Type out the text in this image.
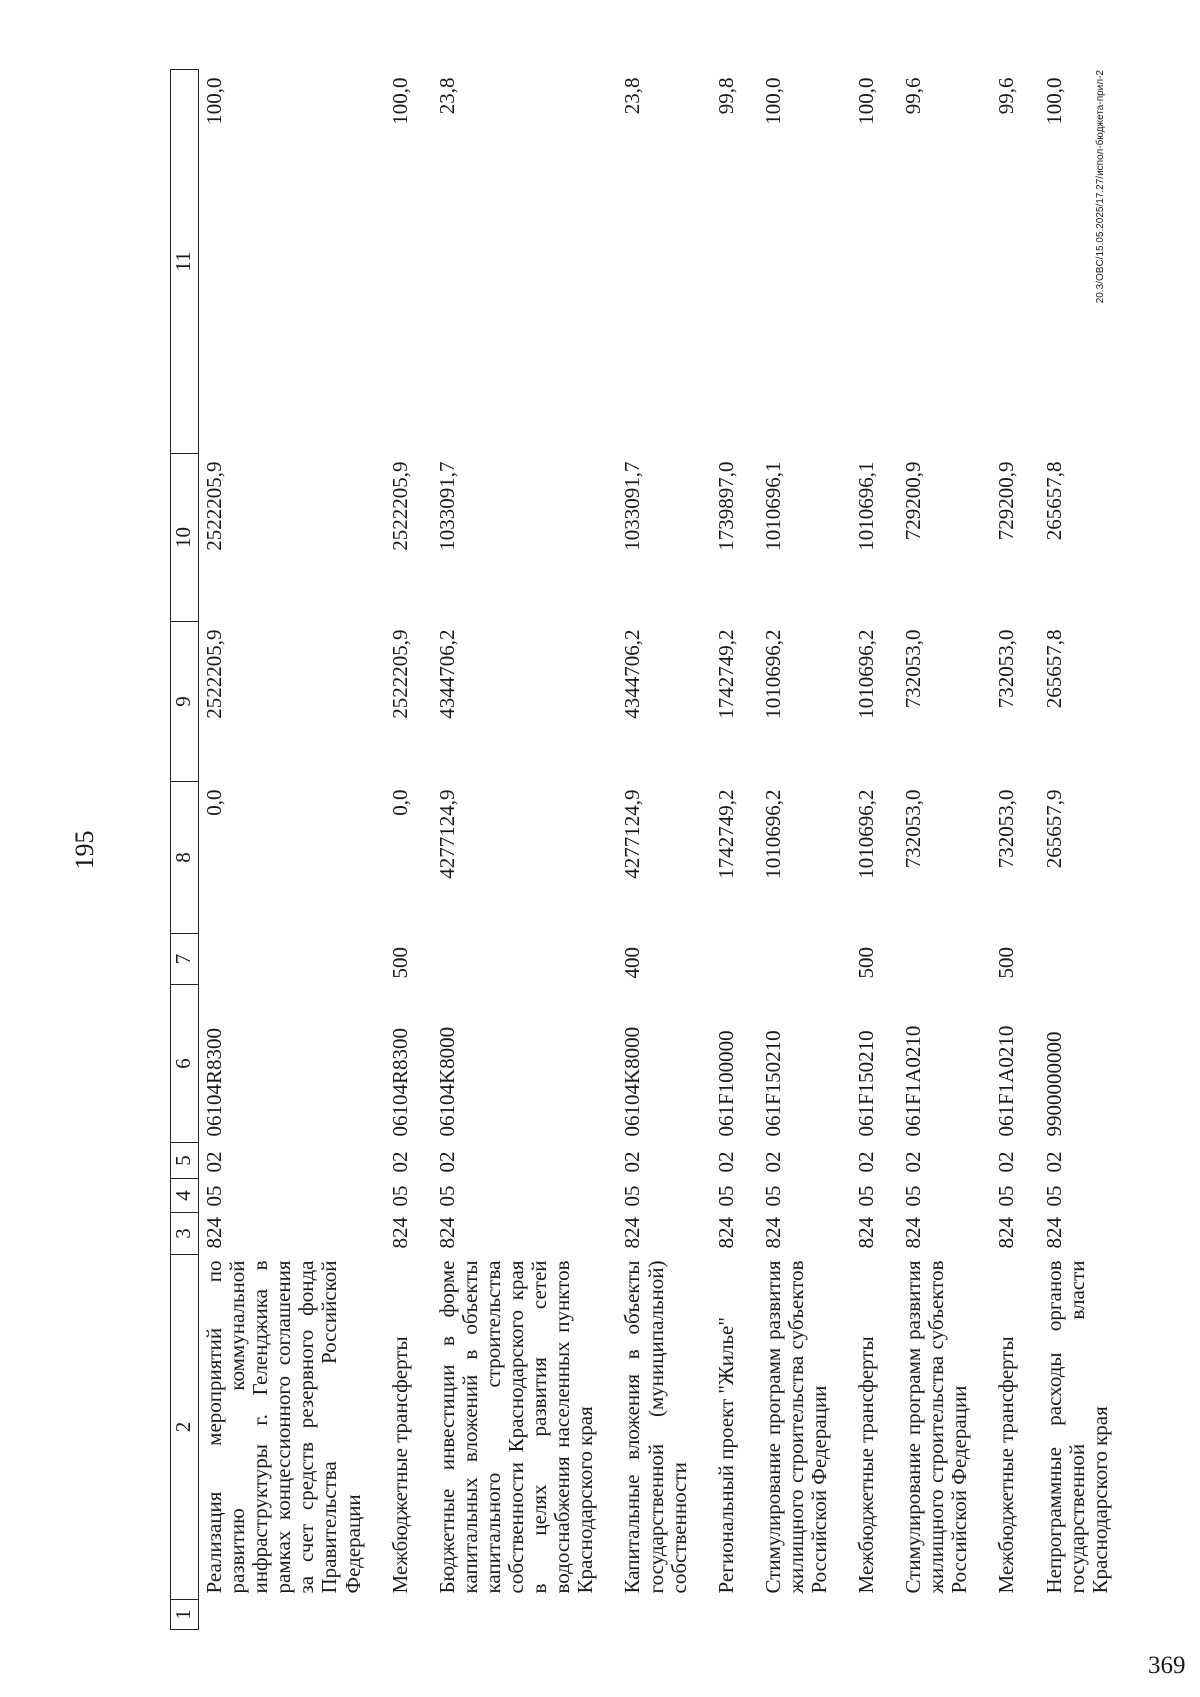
195
1	2	3	4	5	6	7	8	9	10	11
	Реализация мероприятий по развитию коммунальной инфраструктуры г. Геленджика в рамках концессионного соглашения за счет средств резервного фонда Правительства Российской Федерации	824	05	02	06104R8300		0,0	2522205,9	2522205,9	100,0
	Межбюджетные трансферты	824	05	02	06104R8300	500	0,0	2522205,9	2522205,9	100,0
	Бюджетные инвестиции в форме капитальных вложений в объекты капитального строительства собственности Краснодарского края в целях развития сетей водоснабжения населенных пунктов Краснодарского края	824	05	02	06104K8000		4277124,9	4344706,2	1033091,7	23,8
	Капитальные вложения в объекты государственной (муниципальной) собственности	824	05	02	06104K8000	400	4277124,9	4344706,2	1033091,7	23,8
	Региональный проект "Жилье"	824	05	02	061F100000		1742749,2	1742749,2	1739897,0	99,8
	Стимулирование программ развития жилищного строительства субъектов Российской Федерации	824	05	02	061F150210		1010696,2	1010696,2	1010696,1	100,0
	Межбюджетные трансферты	824	05	02	061F150210	500	1010696,2	1010696,2	1010696,1	100,0
	Стимулирование программ развития жилищного строительства субъектов Российской Федерации	824	05	02	061F1A0210		732053,0	732053,0	729200,9	99,6
	Межбюджетные трансферты	824	05	02	061F1A0210	500	732053,0	732053,0	729200,9	99,6
	Непрограммные расходы органов государственной власти Краснодарского края	824	05	02	9900000000		265657,9	265657,8	265657,8	100,0	20.3/OBC/15.05.2025/17.27/испол-бюджета-прил-2
369
